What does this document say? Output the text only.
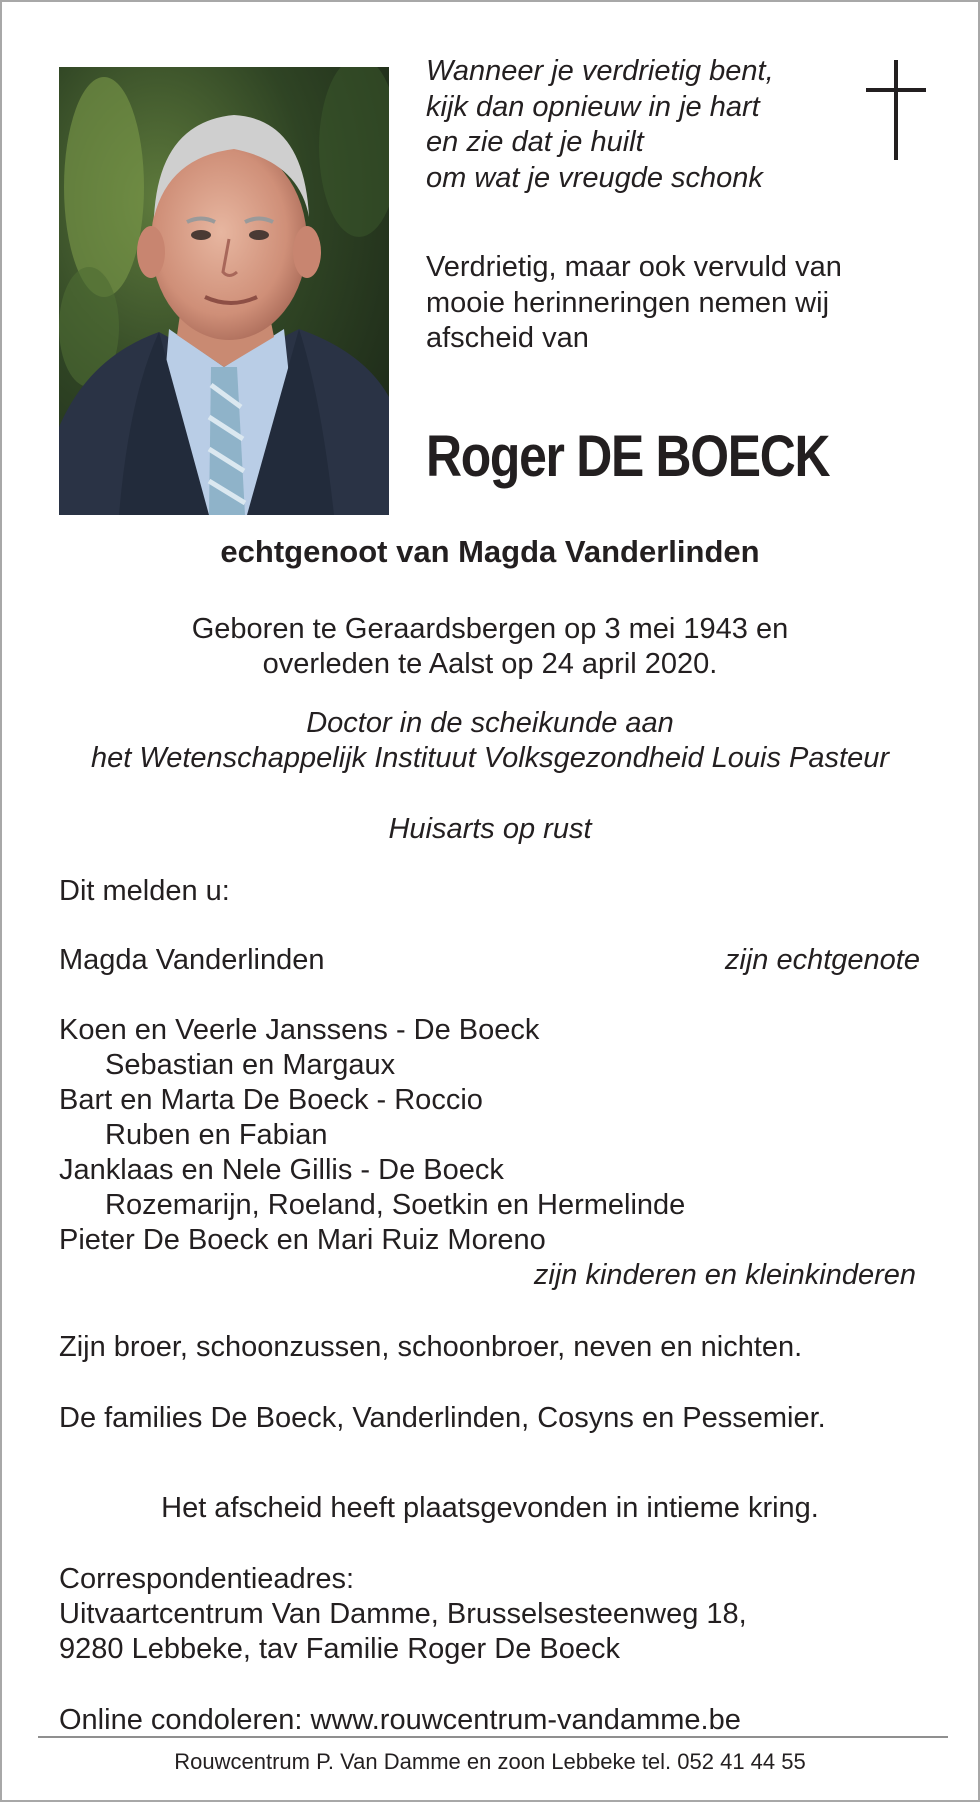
Wanneer je verdrietig bent,
kijk dan opnieuw in je hart
en zie dat je huilt
om wat je vreugde schonk
Verdrietig, maar ook vervuld van
mooie herinneringen nemen wij
afscheid van
Roger DE BOECK
echtgenoot van Magda Vanderlinden
Geboren te Geraardsbergen op 3 mei 1943 en
overleden te Aalst op 24 april 2020.
Doctor in de scheikunde aan
het Wetenschappelijk Instituut Volksgezondheid Louis Pasteur
Huisarts op rust
Dit melden u:
Magda Vanderlinden	zijn echtgenote
Koen en Veerle Janssens - De Boeck
Sebastian en Margaux
Bart en Marta De Boeck - Roccio
Ruben en Fabian
Janklaas en Nele Gillis - De Boeck
Rozemarijn, Roeland, Soetkin en Hermelinde
Pieter De Boeck en Mari Ruiz Moreno
zijn kinderen en kleinkinderen
Zijn broer, schoonzussen, schoonbroer, neven en nichten.
De families De Boeck, Vanderlinden, Cosyns en Pessemier.
Het afscheid heeft plaatsgevonden in intieme kring.
Correspondentieadres:
Uitvaartcentrum Van Damme, Brusselsesteenweg 18,
9280 Lebbeke, tav Familie Roger De Boeck
Online condoleren: www.rouwcentrum-vandamme.be
Rouwcentrum P. Van Damme en zoon Lebbeke tel. 052 41 44 55
